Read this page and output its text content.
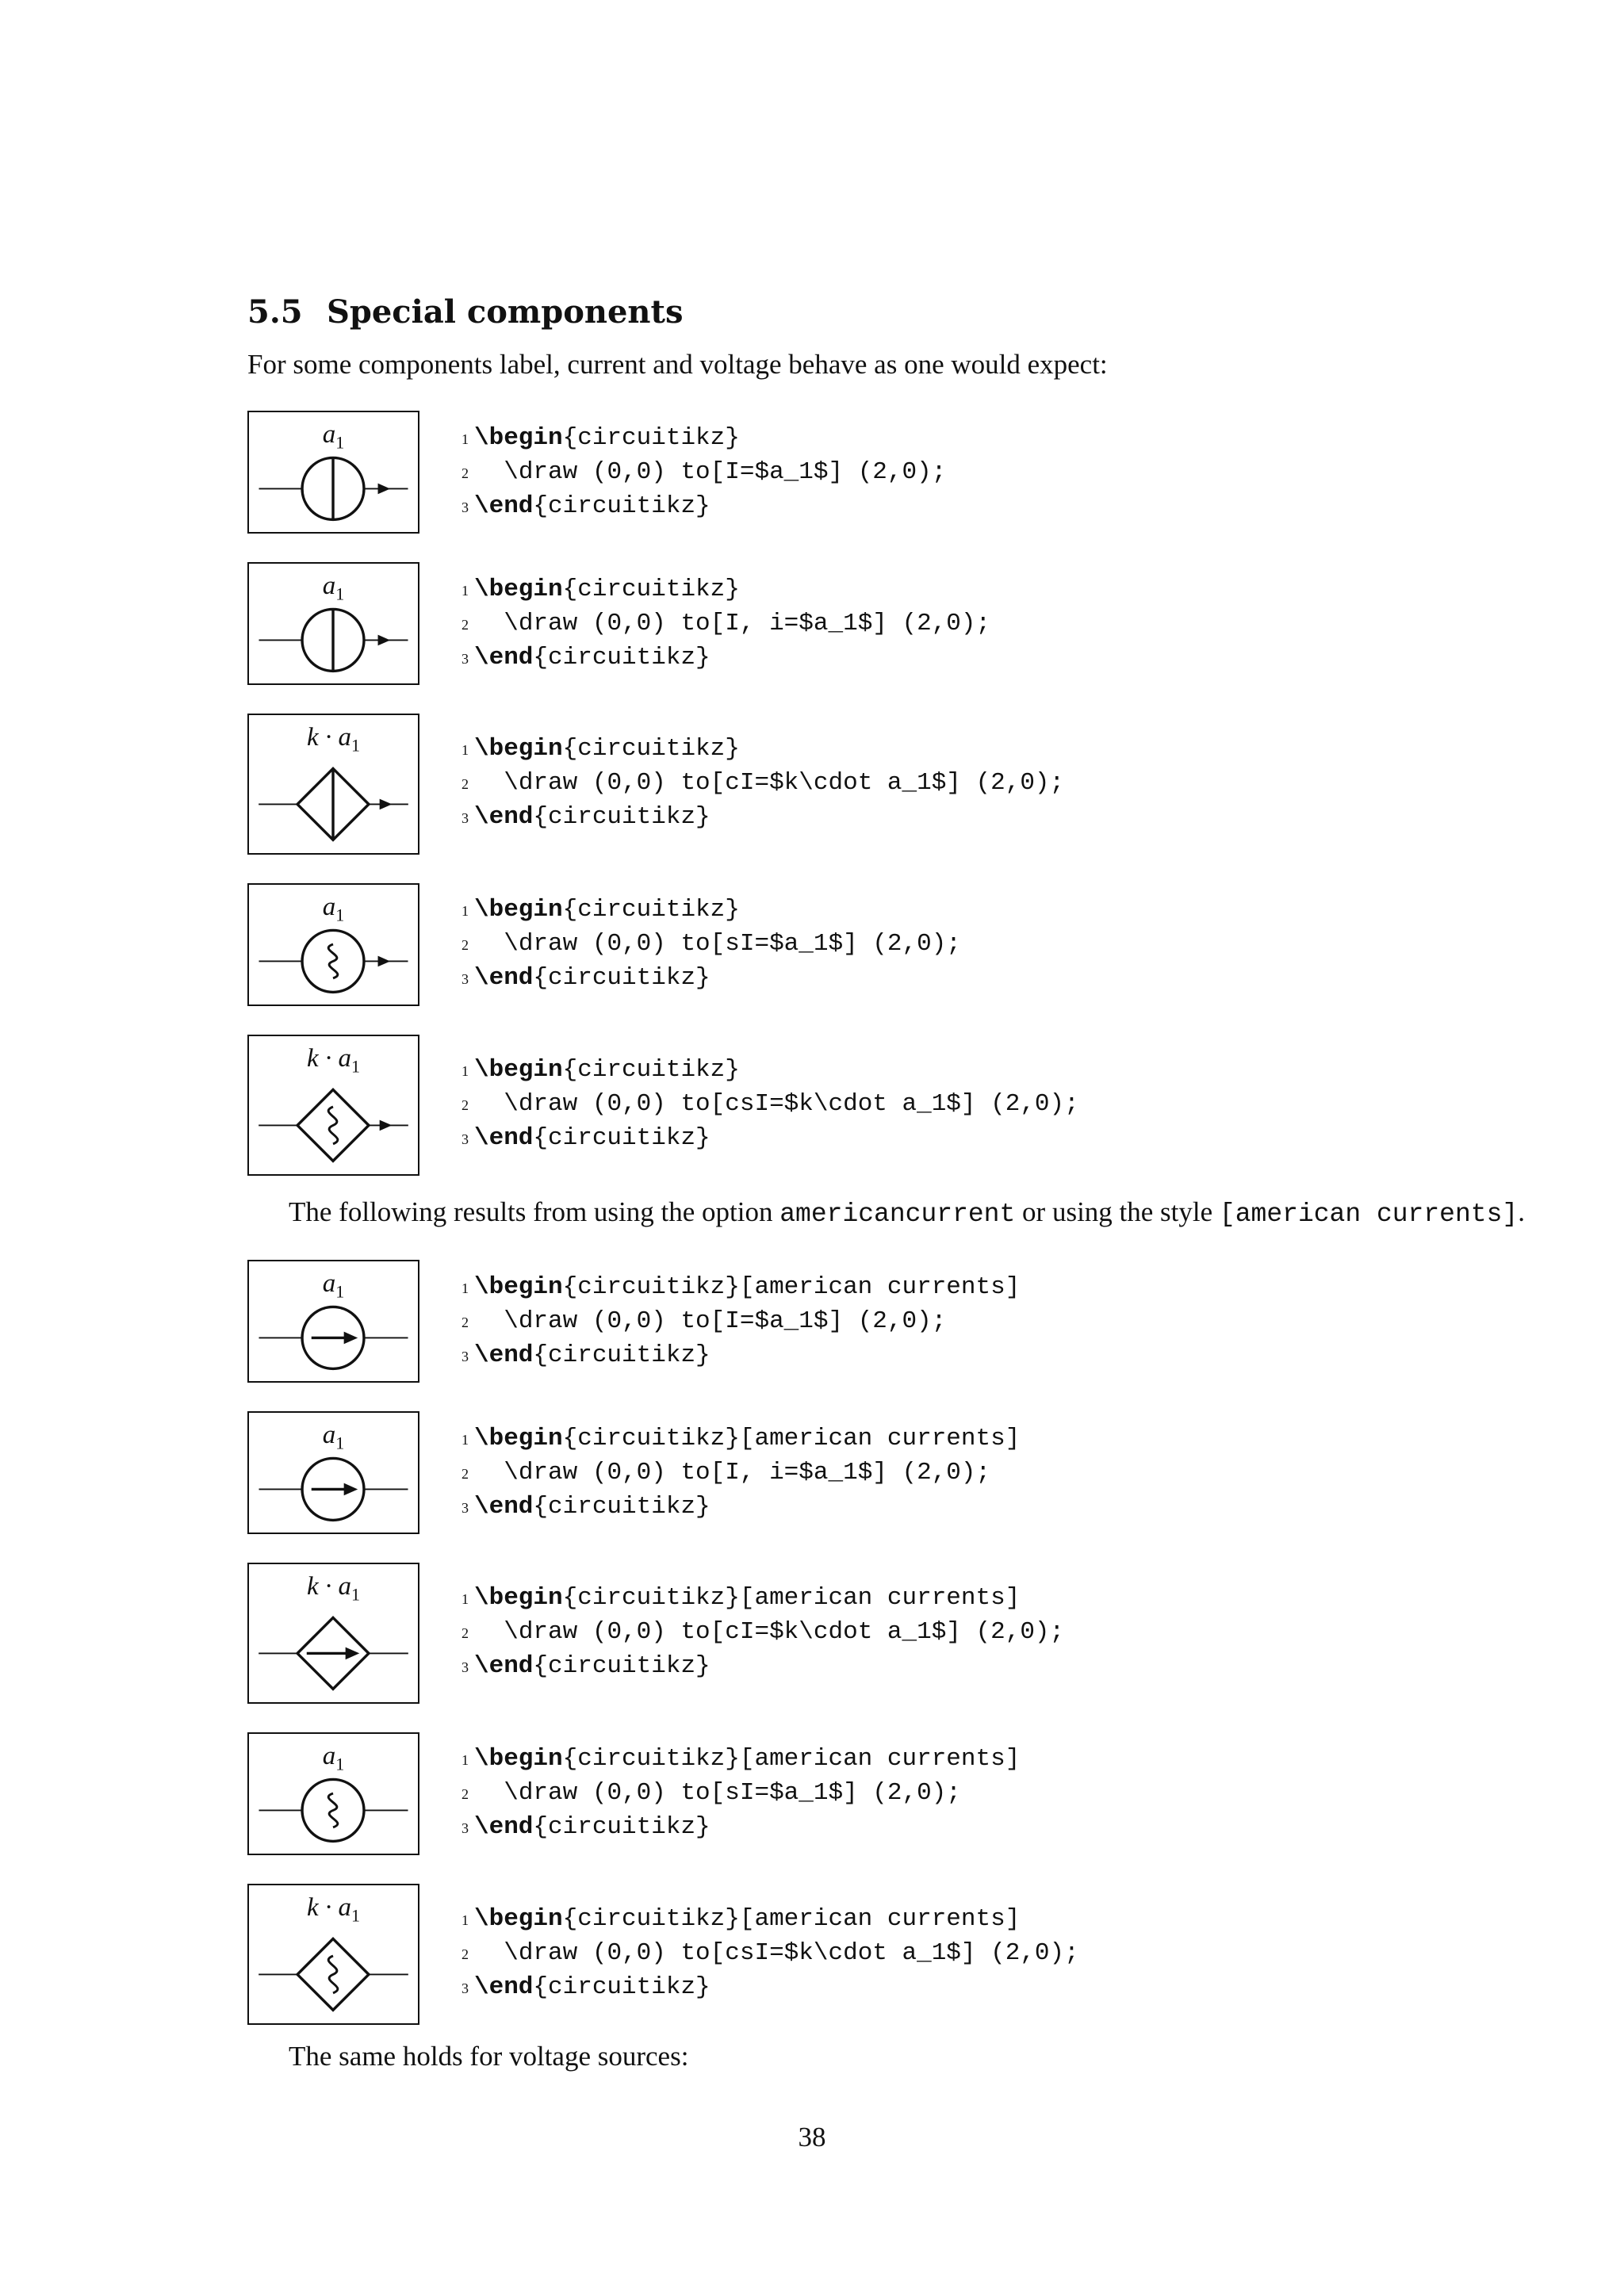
5.5 Special components
For some components label, current and voltage behave as one would expect:
$a_1$	1 \begin{circuitikz}
2 \draw (0,0) to[I=$a_1$] (2,0);
3 \end{circuitikz}
$a_1$	1 \begin{circuitikz}
2 \draw (0,0) to[I, i=$a_1$] (2,0);
3 \end{circuitikz}
$k \cdot a_1$	1 \begin{circuitikz}
2 \draw (0,0) to[cI=$k\cdot a_1$] (2,0);
3 \end{circuitikz}
$a_1$	1 \begin{circuitikz}
2 \draw (0,0) to[sI=$a_1$] (2,0);
3 \end{circuitikz}
$k \cdot a_1$	1 \begin{circuitikz}
2 \draw (0,0) to[csI=$k\cdot a_1$] (2,0);
3 \end{circuitikz}
The following results from using the option americancurrent or using the style [american currents].
$a_1$	1 \begin{circuitikz}[american currents]
2 \draw (0,0) to[I=$a_1$] (2,0);
3 \end{circuitikz}
$a_1$	1 \begin{circuitikz}[american currents]
2 \draw (0,0) to[I, i=$a_1$] (2,0);
3 \end{circuitikz}
$k \cdot a_1$	1 \begin{circuitikz}[american currents]
2 \draw (0,0) to[cI=$k\cdot a_1$] (2,0);
3 \end{circuitikz}
$a_1$	1 \begin{circuitikz}[american currents]
2 \draw (0,0) to[sI=$a_1$] (2,0);
3 \end{circuitikz}
$k \cdot a_1$	1 \begin{circuitikz}[american currents]
2 \draw (0,0) to[csI=$k\cdot a_1$] (2,0);
3 \end{circuitikz}
The same holds for voltage sources:
38
